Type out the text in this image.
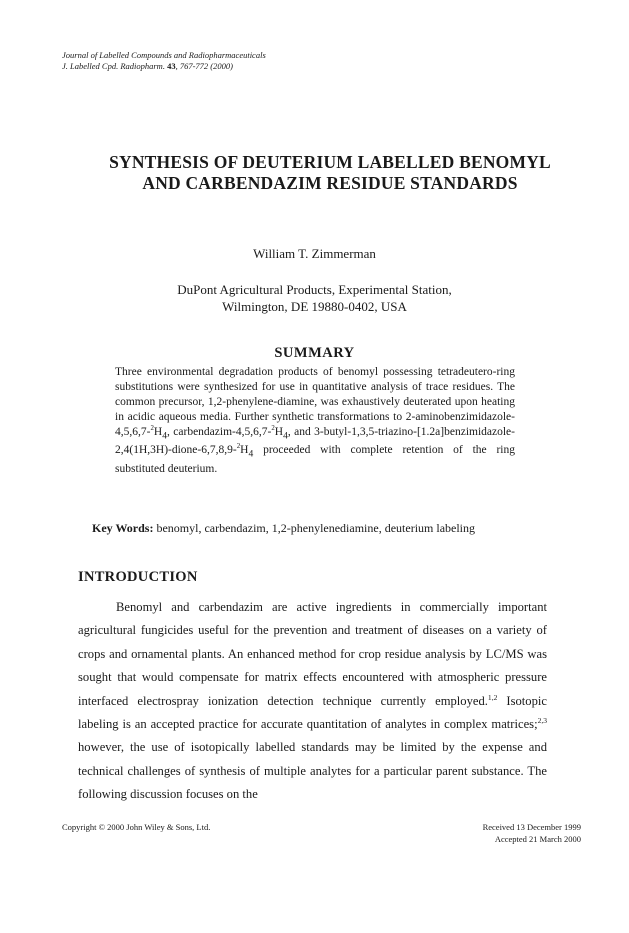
Journal of Labelled Compounds and Radiopharmaceuticals
J. Labelled Cpd. Radiopharm. 43, 767-772 (2000)
SYNTHESIS OF DEUTERIUM LABELLED BENOMYL
AND CARBENDAZIM RESIDUE STANDARDS
William T. Zimmerman
DuPont Agricultural Products, Experimental Station,
Wilmington, DE 19880-0402, USA
SUMMARY
Three environmental degradation products of benomyl possessing tetradeutero-ring substitutions were synthesized for use in quantitative analysis of trace residues. The common precursor, 1,2-phenylene-diamine, was exhaustively deuterated upon heating in acidic aqueous media. Further synthetic transformations to $2-aminobenzimidazole-4,5,6,7-^2H_4$, carbendazim-$4,5,6,7-^2H_4$, and $3-butyl-1,3,5-triazino-[1.2a]benzimidazole-2,4(1H,3H)-dione-6,7,8,9-^2H_4$ proceeded with complete retention of the ring substituted deuterium.
Key Words: benomyl, carbendazim, 1,2-phenylenediamine, deuterium labeling
INTRODUCTION
Benomyl and carbendazim are active ingredients in commercially important agricultural fungicides useful for the prevention and treatment of diseases on a variety of crops and ornamental plants. An enhanced method for crop residue analysis by LC/MS was sought that would compensate for matrix effects encountered with atmospheric pressure interfaced electrospray ionization detection technique currently employed.$^{1,2}$ Isotopic labeling is an accepted practice for accurate quantitation of analytes in complex matrices;$^{2,3}$ however, the use of isotopically labelled standards may be limited by the expense and technical challenges of synthesis of multiple analytes for a particular parent substance. The following discussion focuses on the
Copyright © 2000 John Wiley & Sons, Ltd.	Received 13 December 1999
Accepted 21 March 2000
